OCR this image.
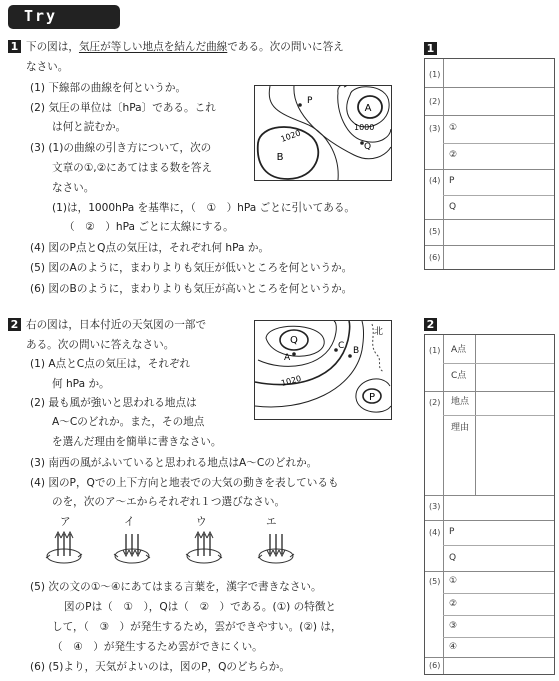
Try
1 下の図は，気圧が等しい地点を結んだ曲線である。次の問いに答え
なさい。
(1) 下線部の曲線を何というか。
(2) 気圧の単位は〔hPa〕である。これ
は何と読むか。
(3) (1)の曲線の引き方について，次の
文章の①,②にあてはまる数を答え
なさい。
(1)は，1000hPa を基準に，（　①　）hPa ごとに引いてある。
（　②　）hPa ごとに太線にする。
(4) 図のP点とQ点の気圧は，それぞれ何 hPa か。
(5) 図のAのように，まわりよりも気圧が低いところを何というか。
(6) 図のBのように，まわりよりも気圧が高いところを何というか。
A
B
P
Q
1000
1020
2 右の図は，日本付近の天気図の一部で
ある。次の問いに答えなさい。
(1) A点とC点の気圧は，それぞれ
何 hPa か。
(2) 最も風が強いと思われる地点は
A～Cのどれか。また，その地点
を選んだ理由を簡単に書きなさい。
(3) 南西の風がふいていると思われる地点はA～Cのどれか。
(4) 図のP，Qでの上下方向と地表での大気の動きを表しているも
のを，次のア～エからそれぞれ１つ選びなさい。
Q
P
A
B
C
1020
北
ア	イ	ウ	エ
(5) 次の文の①～④にあてはまる言葉を，漢字で書きなさい。
図のPは（　①　），Qは（　②　）である。(①) の特徴と
して，（　③　）が発生するため，雲ができやすい。(②) は，
（　④　）が発生するため雲ができにくい。
(6) (5)より，天気がよいのは，図のP，Qのどちらか。
1
(1)
(2)
(3) ①
②
(4) P
Q
(5)
(6)
2
(1) A点
C点
(2) 地点
理由
(3)
(4) P
Q
(5) ①
②
③
④
(6)
